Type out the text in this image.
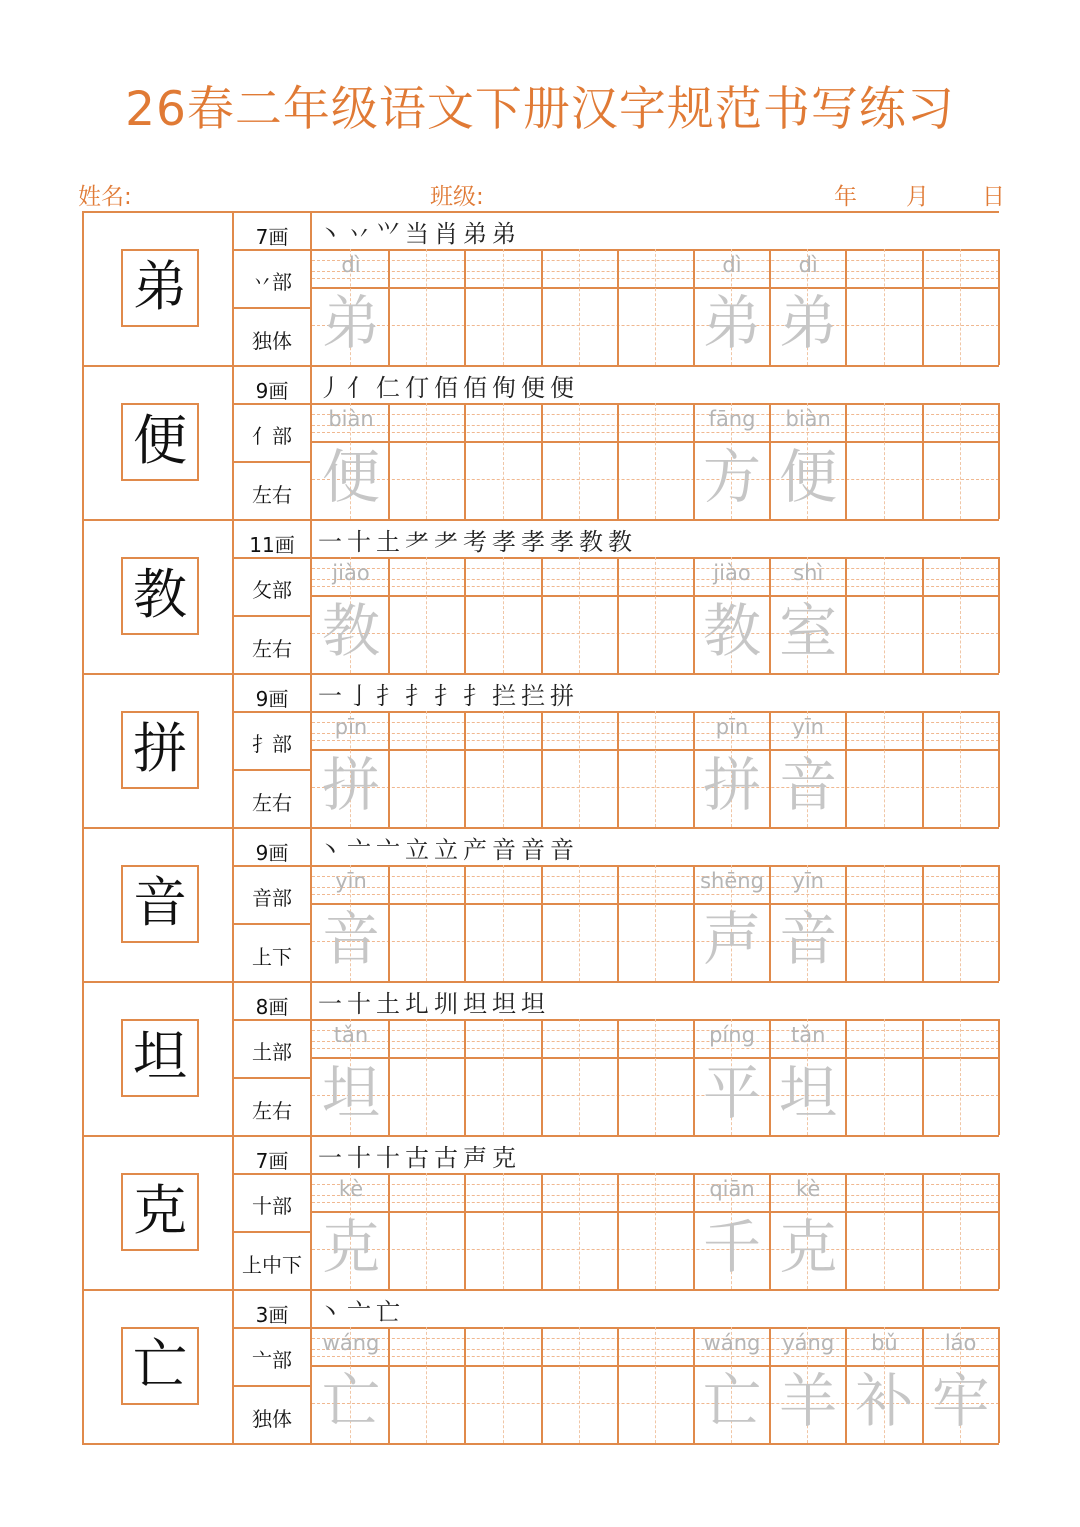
26春二年级语文下册汉字规范书写练习
姓名:	班级:	年 月 日
弟
7画
丷部
独体
丶丷⺍当肖弟弟
dì
弟
dì
弟
dì
弟
便
9画
亻部
左右
丿亻仁仃佰佰侚便便
biàn
便
fāng
方
biàn
便
教
11画
攵部
左右
一十土耂耂考孝孝孝教教
jiào
教
jiào
教
shì
室
拼
9画
扌部
左右
一亅扌扌扌扌拦拦拼
pīn
拼
pīn
拼
yīn
音
音
9画
音部
上下
丶亠亠立立产音音音
yīn
音
shēng
声
yīn
音
坦
8画
土部
左右
一十土圠圳坦坦坦
tǎn
坦
píng
平
tǎn
坦
克
7画
十部
上中下
一十十古古声克
kè
克
qiān
千
kè
克
亡
3画
亠部
独体
丶亠亡
wáng
亡
wáng
亡
yáng
羊
bǔ
补
láo
牢
